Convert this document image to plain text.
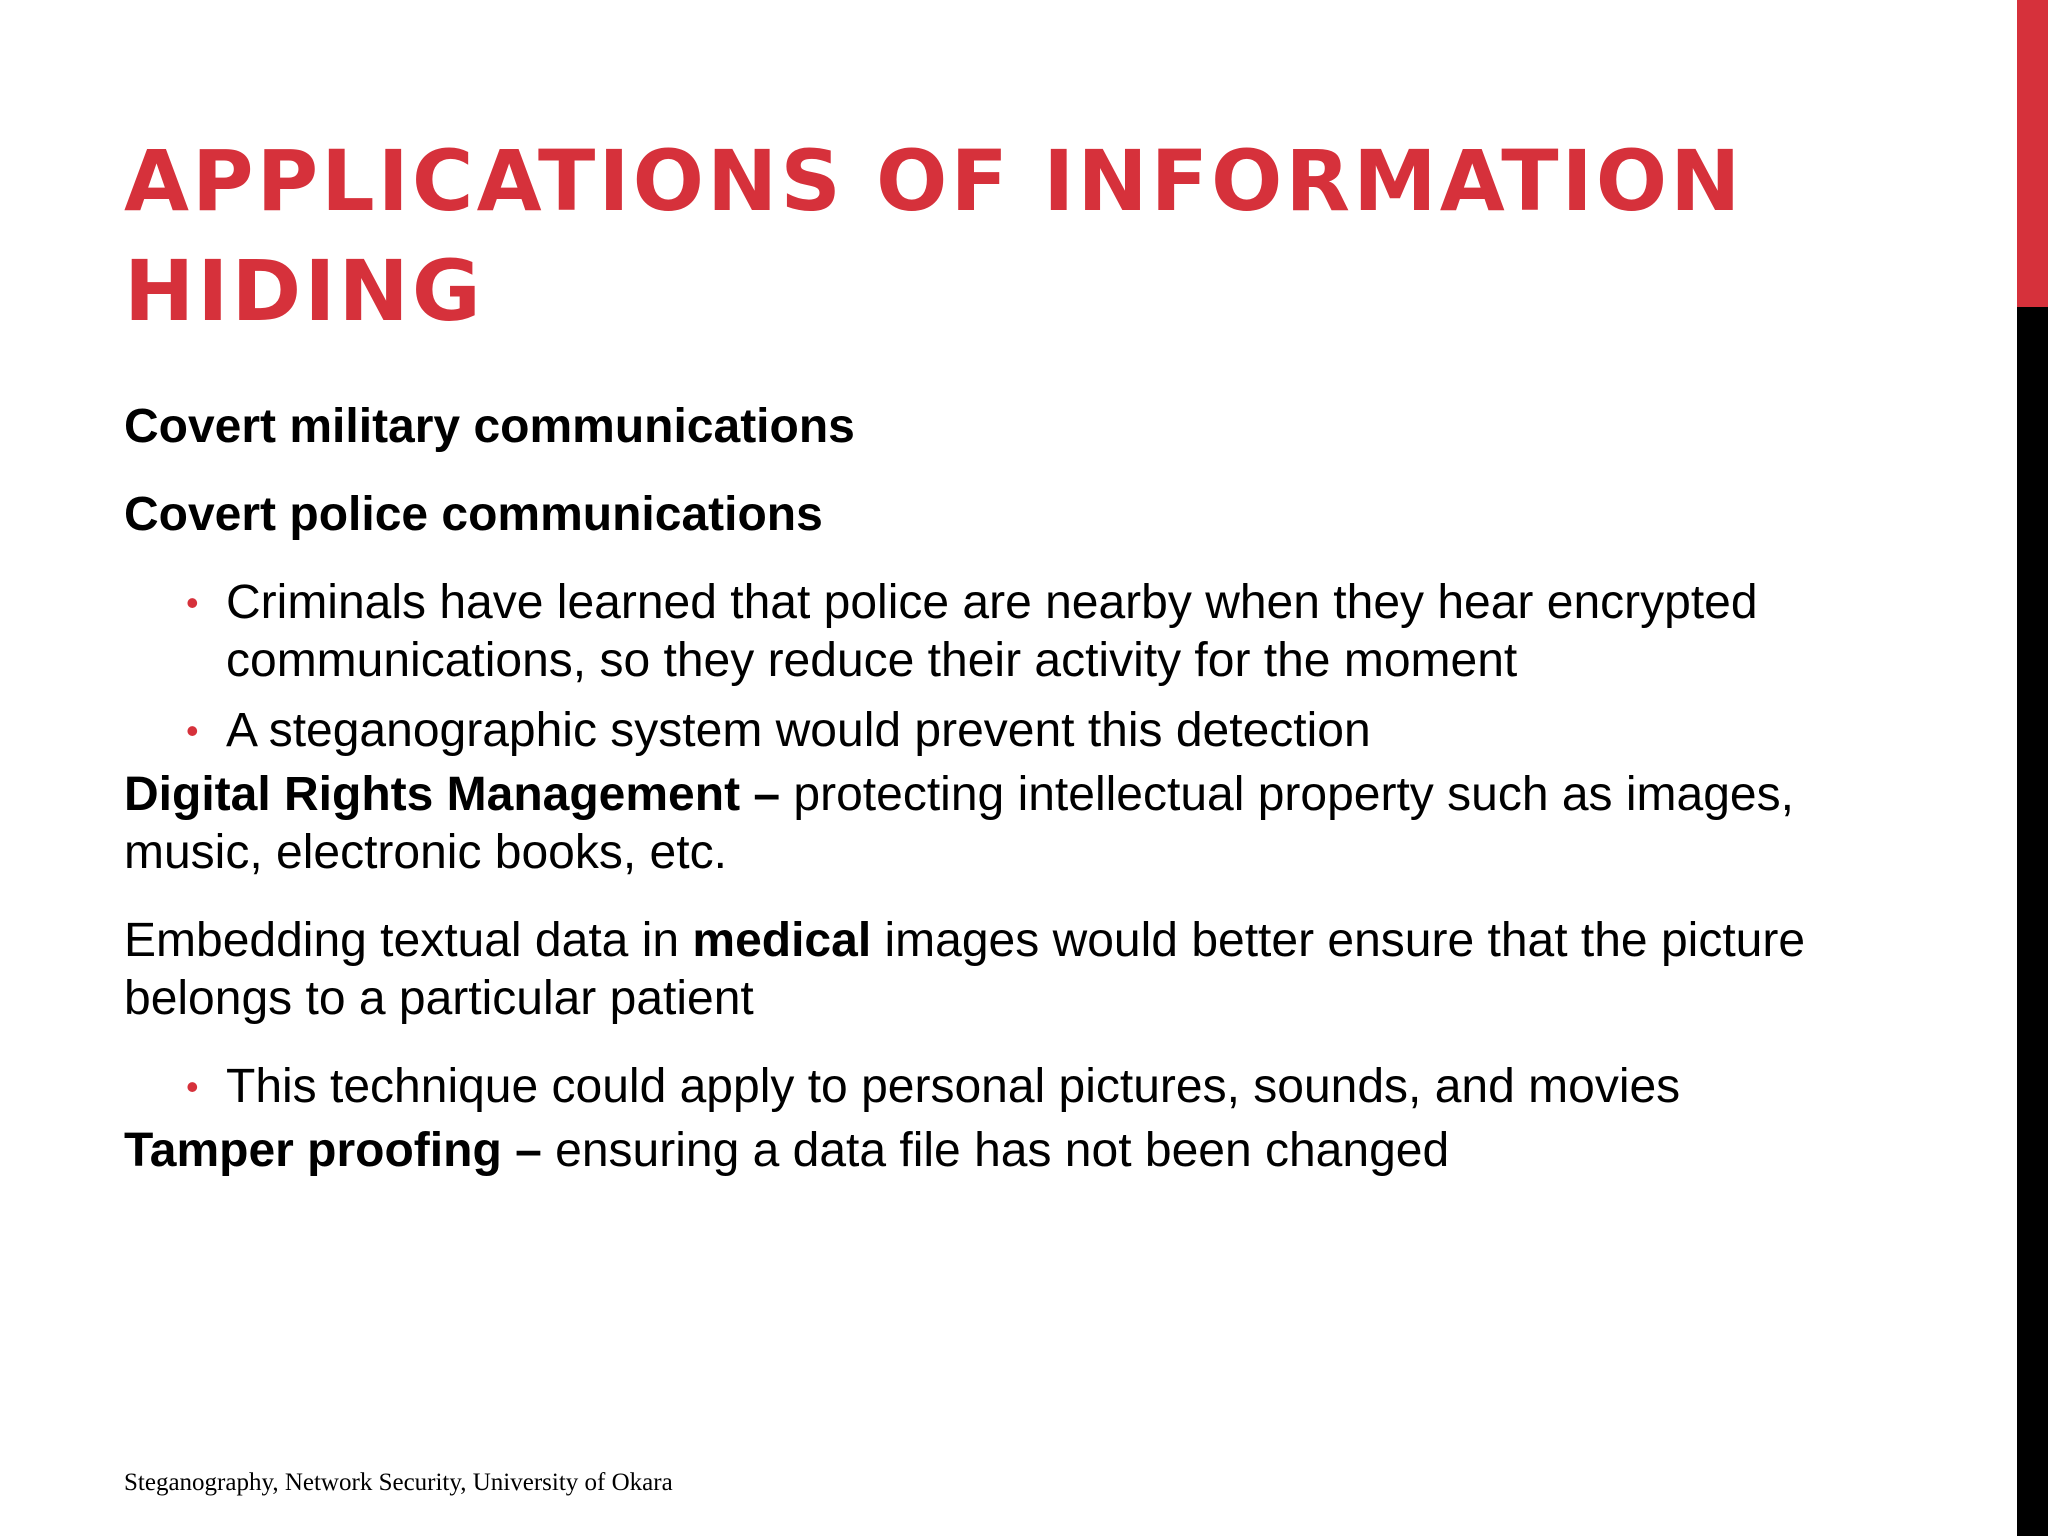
APPLICATIONS OF INFORMATION HIDING

Covert military communications

Covert police communications

• Criminals have learned that police are nearby when they hear encrypted communications, so they reduce their activity for the moment
• A steganographic system would prevent this detection

Digital Rights Management – protecting intellectual property such as images, music, electronic books, etc.

Embedding textual data in medical images would better ensure that the picture belongs to a particular patient

• This technique could apply to personal pictures, sounds, and movies

Tamper proofing – ensuring a data file has not been changed

Steganography, Network Security, University of Okara
